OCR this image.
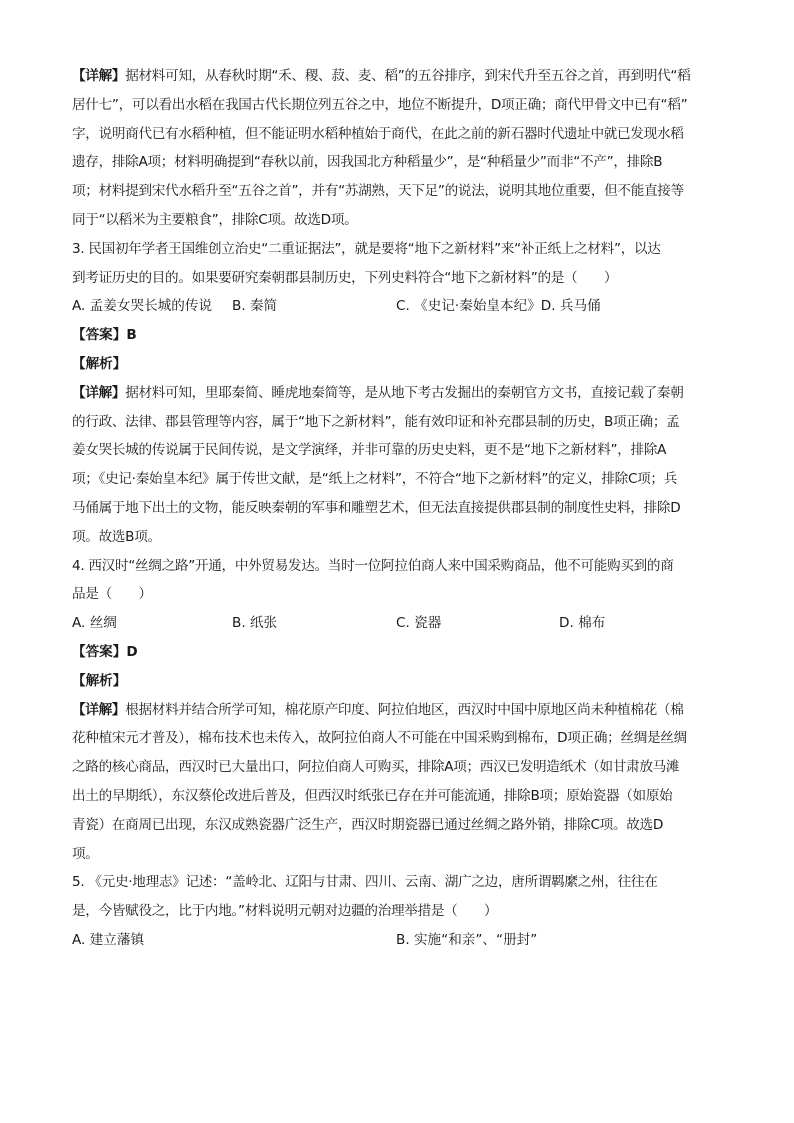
【详解】据材料可知，从春秋时期“禾、稷、菽、麦、稻”的五谷排序，到宋代升至五谷之首，再到明代“稻
居什七”，可以看出水稻在我国古代长期位列五谷之中，地位不断提升，D项正确；商代甲骨文中已有“稻”
字，说明商代已有水稻种植，但不能证明水稻种植始于商代，在此之前的新石器时代遗址中就已发现水稻
遗存，排除A项；材料明确提到“春秋以前，因我国北方种稻量少”，是“种稻量少”而非“不产”，排除B
项；材料提到宋代水稻升至“五谷之首”，并有“苏湖熟，天下足”的说法，说明其地位重要，但不能直接等
同于“以稻米为主要粮食”，排除C项。故选D项。
3. 民国初年学者王国维创立治史“二重证据法”，就是要将“地下之新材料”来“补正纸上之材料”，以达
到考证历史的目的。如果要研究秦朝郡县制历史，下列史料符合“地下之新材料”的是（　　）
A. 孟姜女哭长城的传说 B. 秦简	C. 《史记·秦始皇本纪》D. 兵马俑
【答案】B
【解析】
【详解】据材料可知，里耶秦简、睡虎地秦简等，是从地下考古发掘出的秦朝官方文书，直接记载了秦朝
的行政、法律、郡县管理等内容，属于“地下之新材料”，能有效印证和补充郡县制的历史，B项正确；孟
姜女哭长城的传说属于民间传说，是文学演绎，并非可靠的历史史料，更不是“地下之新材料”，排除A
项；《史记·秦始皇本纪》属于传世文献，是“纸上之材料”，不符合“地下之新材料”的定义，排除C项；兵
马俑属于地下出土的文物，能反映秦朝的军事和雕塑艺术，但无法直接提供郡县制的制度性史料，排除D
项。故选B项。
4. 西汉时“丝绸之路”开通，中外贸易发达。当时一位阿拉伯商人来中国采购商品，他不可能购买到的商
品是（　　）
A. 丝绸	B. 纸张	C. 瓷器	D. 棉布
【答案】D
【解析】
【详解】根据材料并结合所学可知，棉花原产印度、阿拉伯地区，西汉时中国中原地区尚未种植棉花（棉
花种植宋元才普及），棉布技术也未传入，故阿拉伯商人不可能在中国采购到棉布，D项正确；丝绸是丝绸
之路的核心商品，西汉时已大量出口，阿拉伯商人可购买，排除A项；西汉已发明造纸术（如甘肃放马滩
出土的早期纸），东汉蔡伦改进后普及，但西汉时纸张已存在并可能流通，排除B项；原始瓷器（如原始
青瓷）在商周已出现，东汉成熟瓷器广泛生产，西汉时期瓷器已通过丝绸之路外销，排除C项。故选D
项。
5. 《元史·地理志》记述：“盖岭北、辽阳与甘肃、四川、云南、湖广之边，唐所谓羁縻之州，往往在
是，今皆赋役之，比于内地。”材料说明元朝对边疆的治理举措是（　　）
A. 建立藩镇	B. 实施“和亲”、“册封”
